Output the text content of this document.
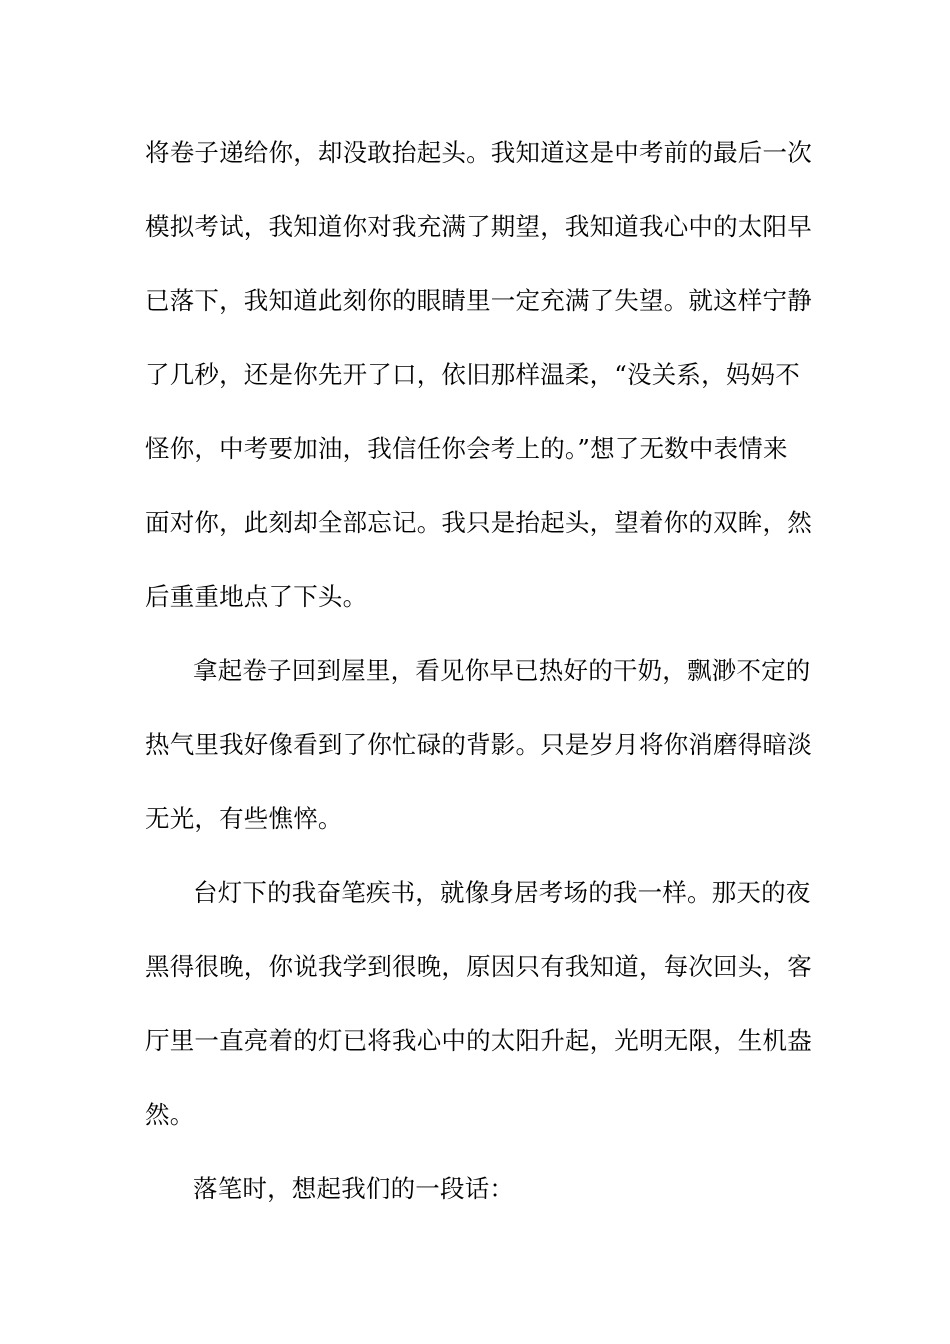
将卷子递给你，却没敢抬起头。我知道这是中考前的最后一次
模拟考试，我知道你对我充满了期望，我知道我心中的太阳早
已落下，我知道此刻你的眼睛里一定充满了失望。就这样宁静
了几秒，还是你先开了口，依旧那样温柔，“没关系，妈妈不
怪你，中考要加油，我信任你会考上的。”想了无数中表情来
面对你，此刻却全部忘记。我只是抬起头，望着你的双眸，然
后重重地点了下头。
拿起卷子回到屋里，看见你早已热好的干奶，飘渺不定的
热气里我好像看到了你忙碌的背影。只是岁月将你消磨得暗淡
无光，有些憔悴。
台灯下的我奋笔疾书，就像身居考场的我一样。那天的夜
黑得很晚，你说我学到很晚，原因只有我知道，每次回头，客
厅里一直亮着的灯已将我心中的太阳升起，光明无限，生机盎
然。
落笔时，想起我们的一段话：
